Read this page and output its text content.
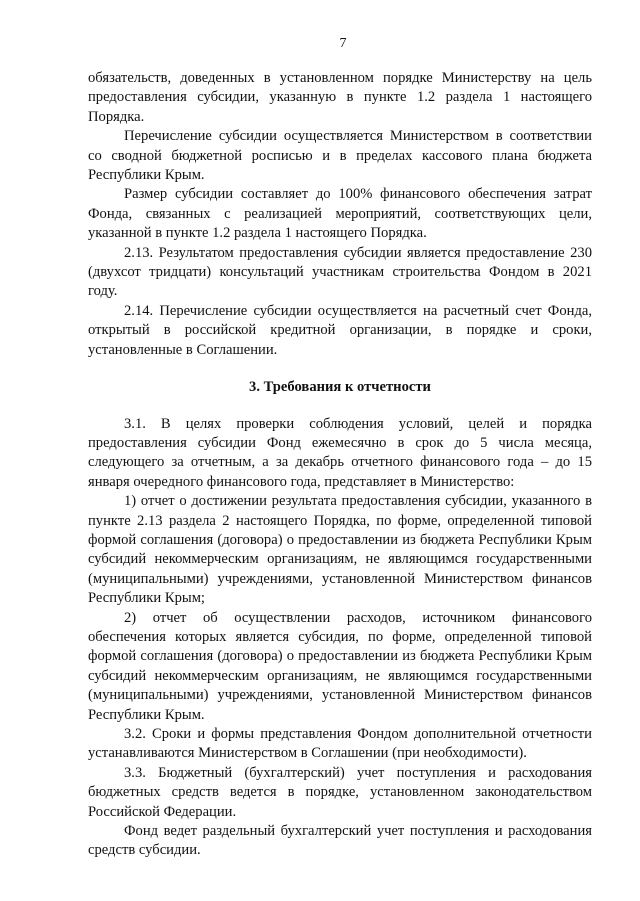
7

обязательств, доведенных в установленном порядке Министерству на цель предоставления субсидии, указанную в пункте 1.2 раздела 1 настоящего Порядка.

Перечисление субсидии осуществляется Министерством в соответствии со сводной бюджетной росписью и в пределах кассового плана бюджета Республики Крым.

Размер субсидии составляет до 100% финансового обеспечения затрат Фонда, связанных с реализацией мероприятий, соответствующих цели, указанной в пункте 1.2 раздела 1 настоящего Порядка.

2.13. Результатом предоставления субсидии является предоставление 230 (двухсот тридцати) консультаций участникам строительства Фондом в 2021 году.

2.14. Перечисление субсидии осуществляется на расчетный счет Фонда, открытый в российской кредитной организации, в порядке и сроки, установленные в Соглашении.

3. Требования к отчетности

3.1. В целях проверки соблюдения условий, целей и порядка предоставления субсидии Фонд ежемесячно в срок до 5 числа месяца, следующего за отчетным, а за декабрь отчетного финансового года – до 15 января очередного финансового года, представляет в Министерство:

1) отчет о достижении результата предоставления субсидии, указанного в пункте 2.13 раздела 2 настоящего Порядка, по форме, определенной типовой формой соглашения (договора) о предоставлении из бюджета Республики Крым субсидий некоммерческим организациям, не являющимся государственными (муниципальными) учреждениями, установленной Министерством финансов Республики Крым;

2) отчет об осуществлении расходов, источником финансового обеспечения которых является субсидия, по форме, определенной типовой формой соглашения (договора) о предоставлении из бюджета Республики Крым субсидий некоммерческим организациям, не являющимся государственными (муниципальными) учреждениями, установленной Министерством финансов Республики Крым.

3.2. Сроки и формы представления Фондом дополнительной отчетности устанавливаются Министерством в Соглашении (при необходимости).

3.3. Бюджетный (бухгалтерский) учет поступления и расходования бюджетных средств ведется в порядке, установленном законодательством Российской Федерации.

Фонд ведет раздельный бухгалтерский учет поступления и расходования средств субсидии.
